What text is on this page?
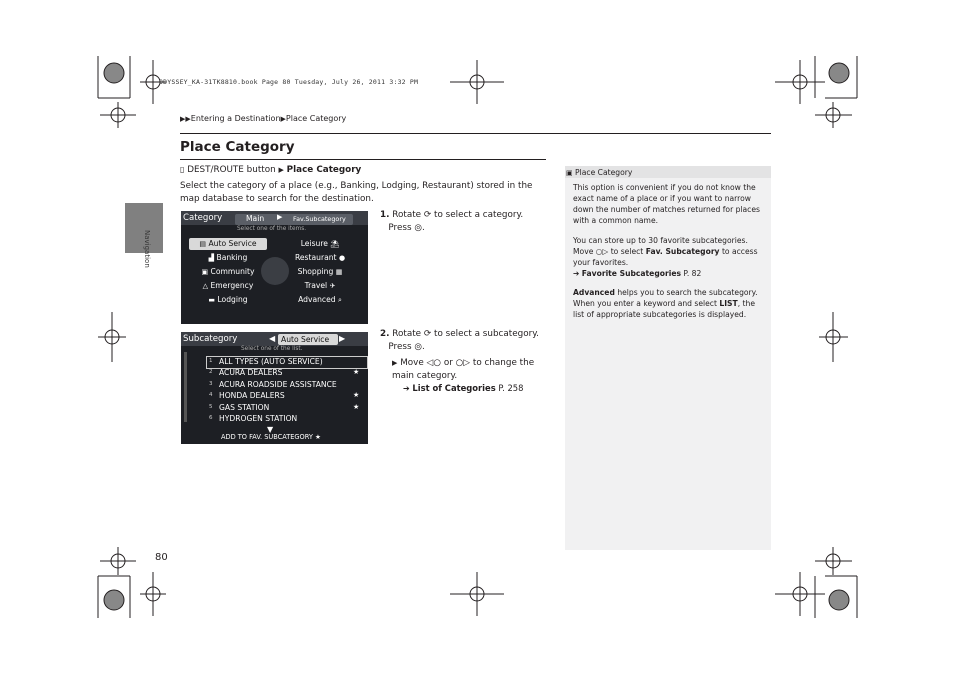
ODYSSEY_KA-31TK8810.book Page 80 Tuesday, July 26, 2011 3:32 PM
▶▶Entering a Destination▶Place Category
Place Category
Navigation
▯ DEST/ROUTE button ▶ Place Category
Select the category of a place (e.g., Banking, Lodging, Restaurant) stored in the map database to search for the destination.
Category	Main ▶ Fav.Subcategory
Select one of the items.
▤ Auto Service
▟ Banking
▣ Community
△ Emergency
▬ Lodging
Leisure ⛱
Restaurant ●
Shopping ▦
Travel ✈
Advanced ⌕
1. Rotate ⟳ to select a category.
Press ◎.
Subcategory	◀ Auto Service ▶
Select one of the list.
1 ALL TYPES (AUTO SERVICE)
2 ACURA DEALERS	★
3 ACURA ROADSIDE ASSISTANCE
4 HONDA DEALERS	★
5 GAS STATION	★
6 HYDROGEN STATION
▼
ADD TO FAV. SUBCATEGORY ★
2. Rotate ⟳ to select a subcategory.
Press ◎.
▶ Move ◁○ or ○▷ to change the main category.
➔ List of Categories P. 258
80
▣ Place Category
This option is convenient if you do not know the exact name of a place or if you want to narrow down the number of matches returned for places with a common name.
You can store up to 30 favorite subcategories. Move ○▷ to select Fav. Subcategory to access your favorites.
➔ Favorite Subcategories P. 82
Advanced helps you to search the subcategory. When you enter a keyword and select LIST, the list of appropriate subcategories is displayed.
